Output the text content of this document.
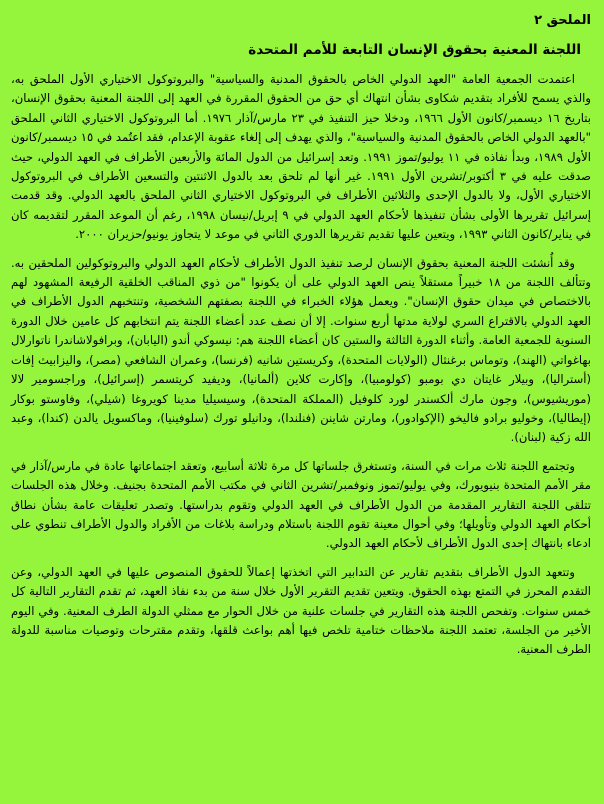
الملحق ٢
اللجنة المعنية بحقوق الإنسان التابعة للأمم المتحدة

اعتمدت الجمعية العامة "العهد الدولي الخاص بالحقوق المدنية والسياسية" والبروتوكول الاختياري الأول الملحق به، والذي يسمح للأفراد بتقديم شكاوى بشأن انتهاك أي حق من الحقوق المقررة في العهد إلى اللجنة المعنية بحقوق الإنسان، بتاريخ ١٦ ديسمبر/كانون الأول ١٩٦٦، ودخلا حيز التنفيذ في ٢٣ مارس/آذار ١٩٧٦. أما البروتوكول الاختياري الثاني الملحق "بالعهد الدولي الخاص بالحقوق المدنية والسياسية"، والذي يهدف إلى إلغاء عقوبة الإعدام، فقد اعتُمد في ١٥ ديسمبر/كانون الأول ١٩٨٩، وبدأ نفاذه في ١١ يوليو/تموز ١٩٩١. وتعد إسرائيل من الدول المائة والأربعين الأطراف في العهد الدولي، حيث صدقت عليه في ٣ أكتوبر/تشرين الأول ١٩٩١. غير أنها لم تلحق بعد بالدول الاثنتين والتسعين الأطراف في البروتوكول الاختياري الأول، ولا بالدول الإحدى والثلاثين الأطراف في البروتوكول الاختياري الثاني الملحق بالعهد الدولي. وقد قدمت إسرائيل تقريرها الأولى بشأن تنفيذها لأحكام العهد الدولي في ٩ إبريل/نيسان ١٩٩٨، رغم أن الموعد المقرر لتقديمه كان في يناير/كانون الثاني ١٩٩٣، ويتعين عليها تقديم تقريرها الدوري الثاني في موعد لا يتجاوز يونيو/حزيران ٢٠٠٠.

وقد أُنشئت اللجنة المعنية بحقوق الإنسان لرصد تنفيذ الدول الأطراف لأحكام العهد الدولي والبروتوكولين الملحقين به. وتتألف اللجنة من ١٨ خبيراً مستقلاً ينص العهد الدولي على أن يكونوا "من ذوي المناقب الخلقية الرفيعة المشهود لهم بالاختصاص في ميدان حقوق الإنسان". ويعمل هؤلاء الخبراء في اللجنة بصفتهم الشخصية، وتنتخبهم الدول الأطراف في العهد الدولي بالاقتراع السري لولاية مدتها أربع سنوات. إلا أن نصف عدد أعضاء اللجنة يتم انتخابهم كل عامين خلال الدورة السنوية للجمعية العامة. وأثناء الدورة الثالثة والستين كان أعضاء اللجنة هم: نيسوكي أندو (اليابان)، وبرافولاشاندرا ناتوارلال بهاغواتي (الهند)، وتوماس برغنثال (الولايات المتحدة)، وكريستين شانيه (فرنسا)، وعمران الشافعي (مصر)، واليزابيث إفات (أستراليا)، وبيلار غايتان دي بومبو (كولومبيا)، وإكارت كلاين (ألمانيا)، وديفيد كريتسمر (إسرائيل)، وراجسومير لالا (موريشيوس)، وجون مارك ألكسندر لورد كلوفيل (المملكة المتحدة)، وسيسيليا مدينا كويروغا (شيلي)، وفاوستو بوكار (إيطاليا)، وخوليو برادو فاليخو (الإكوادور)، ومارتن شاينن (فنلندا)، ودانيلو تورك (سلوفينيا)، وماكسويل يالدن (كندا)، وعبد الله زكية (لبنان).

وتجتمع اللجنة ثلاث مرات في السنة، وتستغرق جلساتها كل مرة ثلاثة أسابيع، وتعقد اجتماعاتها عادة في مارس/آذار في مقر الأمم المتحدة بنيويورك، وفي يوليو/تموز ونوفمبر/تشرين الثاني في مكتب الأمم المتحدة بجنيف. وخلال هذه الجلسات تتلقى اللجنة التقارير المقدمة من الدول الأطراف في العهد الدولي وتقوم بدراستها. وتصدر تعليقات عامة بشأن نطاق أحكام العهد الدولي وتأويلها؛ وفي أحوال معينة تقوم اللجنة باستلام ودراسة بلاغات من الأفراد والدول الأطراف تنطوي على ادعاء بانتهاك إحدى الدول الأطراف لأحكام العهد الدولي.

وتتعهد الدول الأطراف بتقديم تقارير عن التدابير التي اتخذتها إعمالاً للحقوق المنصوص عليها في العهد الدولي، وعن التقدم المحرز في التمتع بهذه الحقوق. ويتعين تقديم التقرير الأول خلال سنة من بدء نفاذ العهد، ثم تقدم التقارير التالية كل خمس سنوات. وتفحص اللجنة هذه التقارير في جلسات علنية من خلال الحوار مع ممثلي الدولة الطرف المعنية. وفي اليوم الأخير من الجلسة، تعتمد اللجنة ملاحظات ختامية تلخص فيها أهم بواعث قلقها، وتقدم مقترحات وتوصيات مناسبة للدولة الطرف المعنية.
